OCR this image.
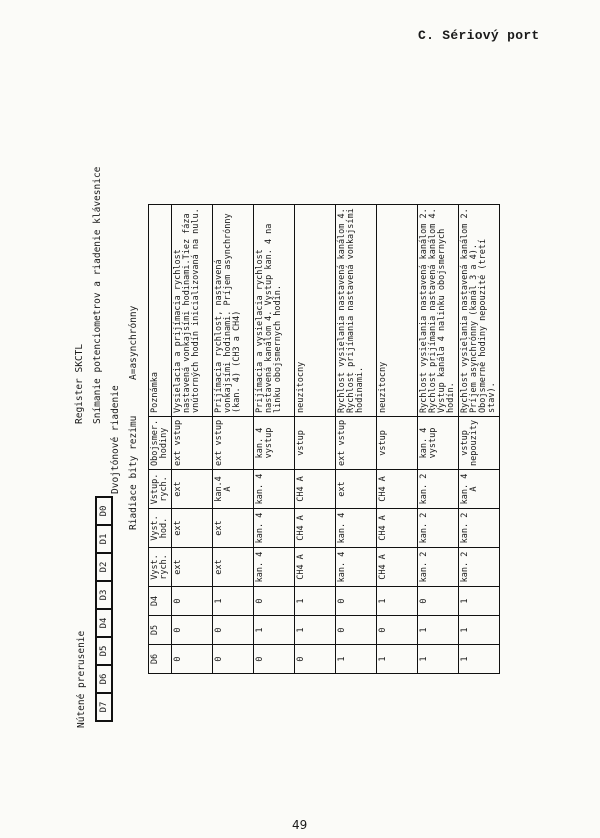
C. Sériový port
Nútené prerusenie D7	D6	D5	D4	D3	D2	D1	D0
Register SKCTL Snímanie potenciometrov a riadenie klávesnice
Dvojtónové riadenie Riadiace bity rezimu
A=asynchrónny
D6	D5	D4	Vyst. rych.	Vyst. hod.	Vstup. rych.	Obojsmer. hodiny	Poznámka
0	0	0	ext	ext	ext	ext vstup	Vysielacia a prijímacia rychlost nastavená vonkajsími hodinami.Tiez fáza vnútorných hodín inicializovaná na nulu.
0	0	1	ext	ext	kan.4 A	ext vstup	Prijímacia rychlost, nastavená vonkajsími hodinami. Príjem asynchrónny (kan. 4) (CH3 a CH4)
0	1	0	kan. 4	kan. 4	kan. 4	kan. 4 vystup	Prijímacia a vysielacia rychlost nastavená kanálom 4. Vystup kan. 4 na linku obojsmernych hodín.
0	1	1	CH4 A	CH4 A	CH4 A	vstup	neuzitocny
1	0	0	kan. 4	kan. 4	ext	ext vstup	Rychlost vysielania nastavená kanálom 4. Rychlost prijímania nastavená vonkajsími hodinami.
1	0	1	CH4 A	CH4 A	CH4 A	vstup	neuzitocny
1	1	0	kan. 2	kan. 2	kan. 2	kan. 4 vystup	Rychlost vysielania nastavená kanálom 2. Rychlost prijímania nastavená kanálom 4. Vystup kanála 4 nalinku obojsmernych hodín.
1	1	1	kan. 2	kan. 2	kan. 4 A	vstup nepouzity	Rychlost vysielania nastavená kanálom 2. Príjem asynchrónny (kanál 3 a 4). Obojsmerné hodiny nepouzité (tretí stav).
49
